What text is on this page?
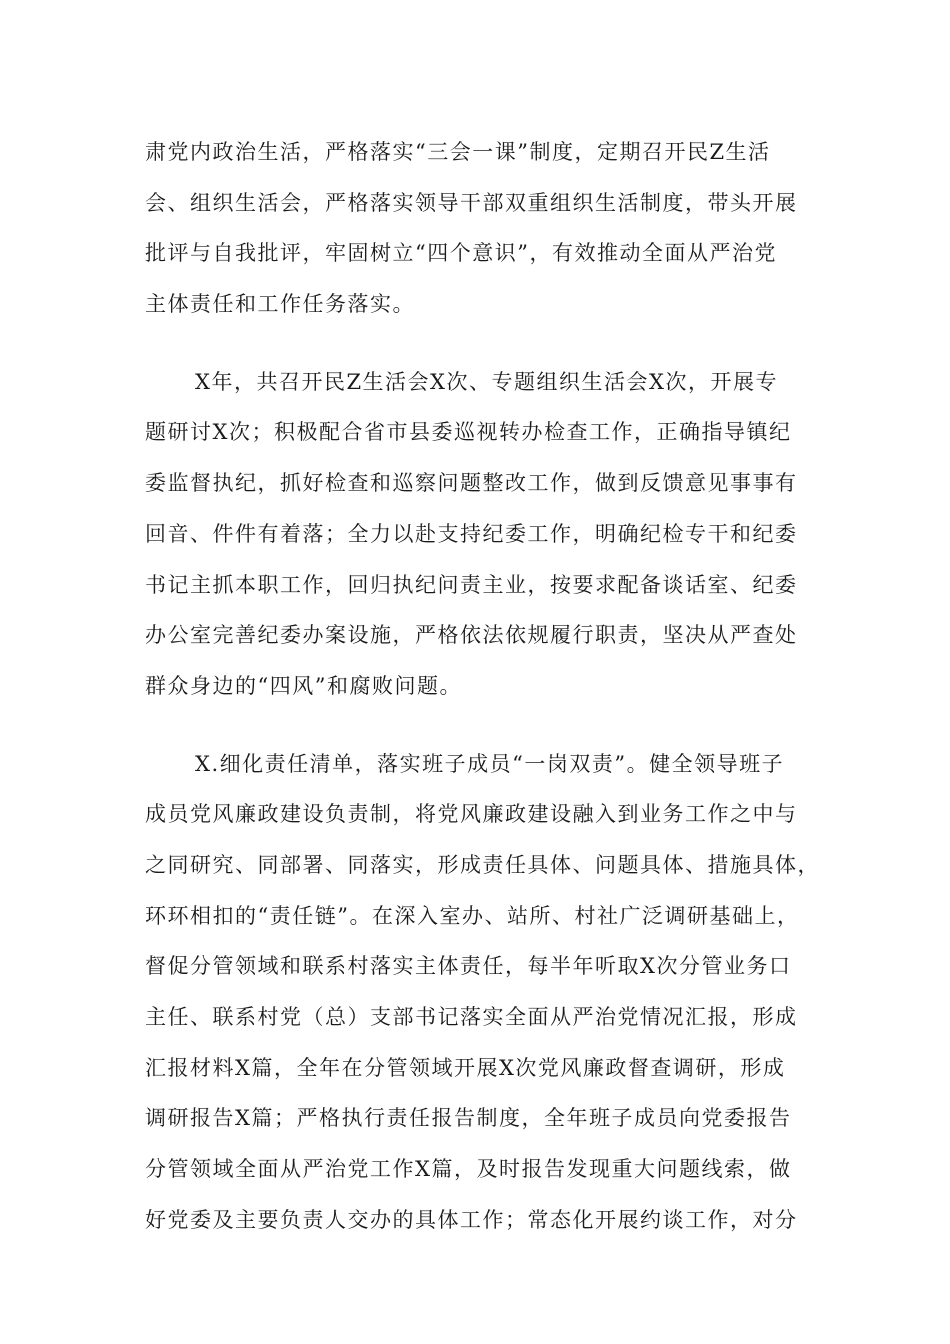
肃党内政治生活，严格落实“三会一课”制度，定期召开民Z生活
会、组织生活会，严格落实领导干部双重组织生活制度，带头开展
批评与自我批评，牢固树立“四个意识”，有效推动全面从严治党
主体责任和工作任务落实。
X年，共召开民Z生活会X次、专题组织生活会X次，开展专
题研讨X次；积极配合省市县委巡视转办检查工作，正确指导镇纪
委监督执纪，抓好检查和巡察问题整改工作，做到反馈意见事事有
回音、件件有着落；全力以赴支持纪委工作，明确纪检专干和纪委
书记主抓本职工作，回归执纪问责主业，按要求配备谈话室、纪委
办公室完善纪委办案设施，严格依法依规履行职责，坚决从严查处
群众身边的“四风”和腐败问题。
X.细化责任清单，落实班子成员“一岗双责”。健全领导班子
成员党风廉政建设负责制，将党风廉政建设融入到业务工作之中与
之同研究、同部署、同落实，形成责任具体、问题具体、措施具体，
环环相扣的“责任链”。在深入室办、站所、村社广泛调研基础上，
督促分管领域和联系村落实主体责任，每半年听取X次分管业务口
主任、联系村党（总）支部书记落实全面从严治党情况汇报，形成
汇报材料X篇，全年在分管领域开展X次党风廉政督查调研，形成
调研报告X篇；严格执行责任报告制度，全年班子成员向党委报告
分管领域全面从严治党工作X篇，及时报告发现重大问题线索，做
好党委及主要负责人交办的具体工作；常态化开展约谈工作，对分
